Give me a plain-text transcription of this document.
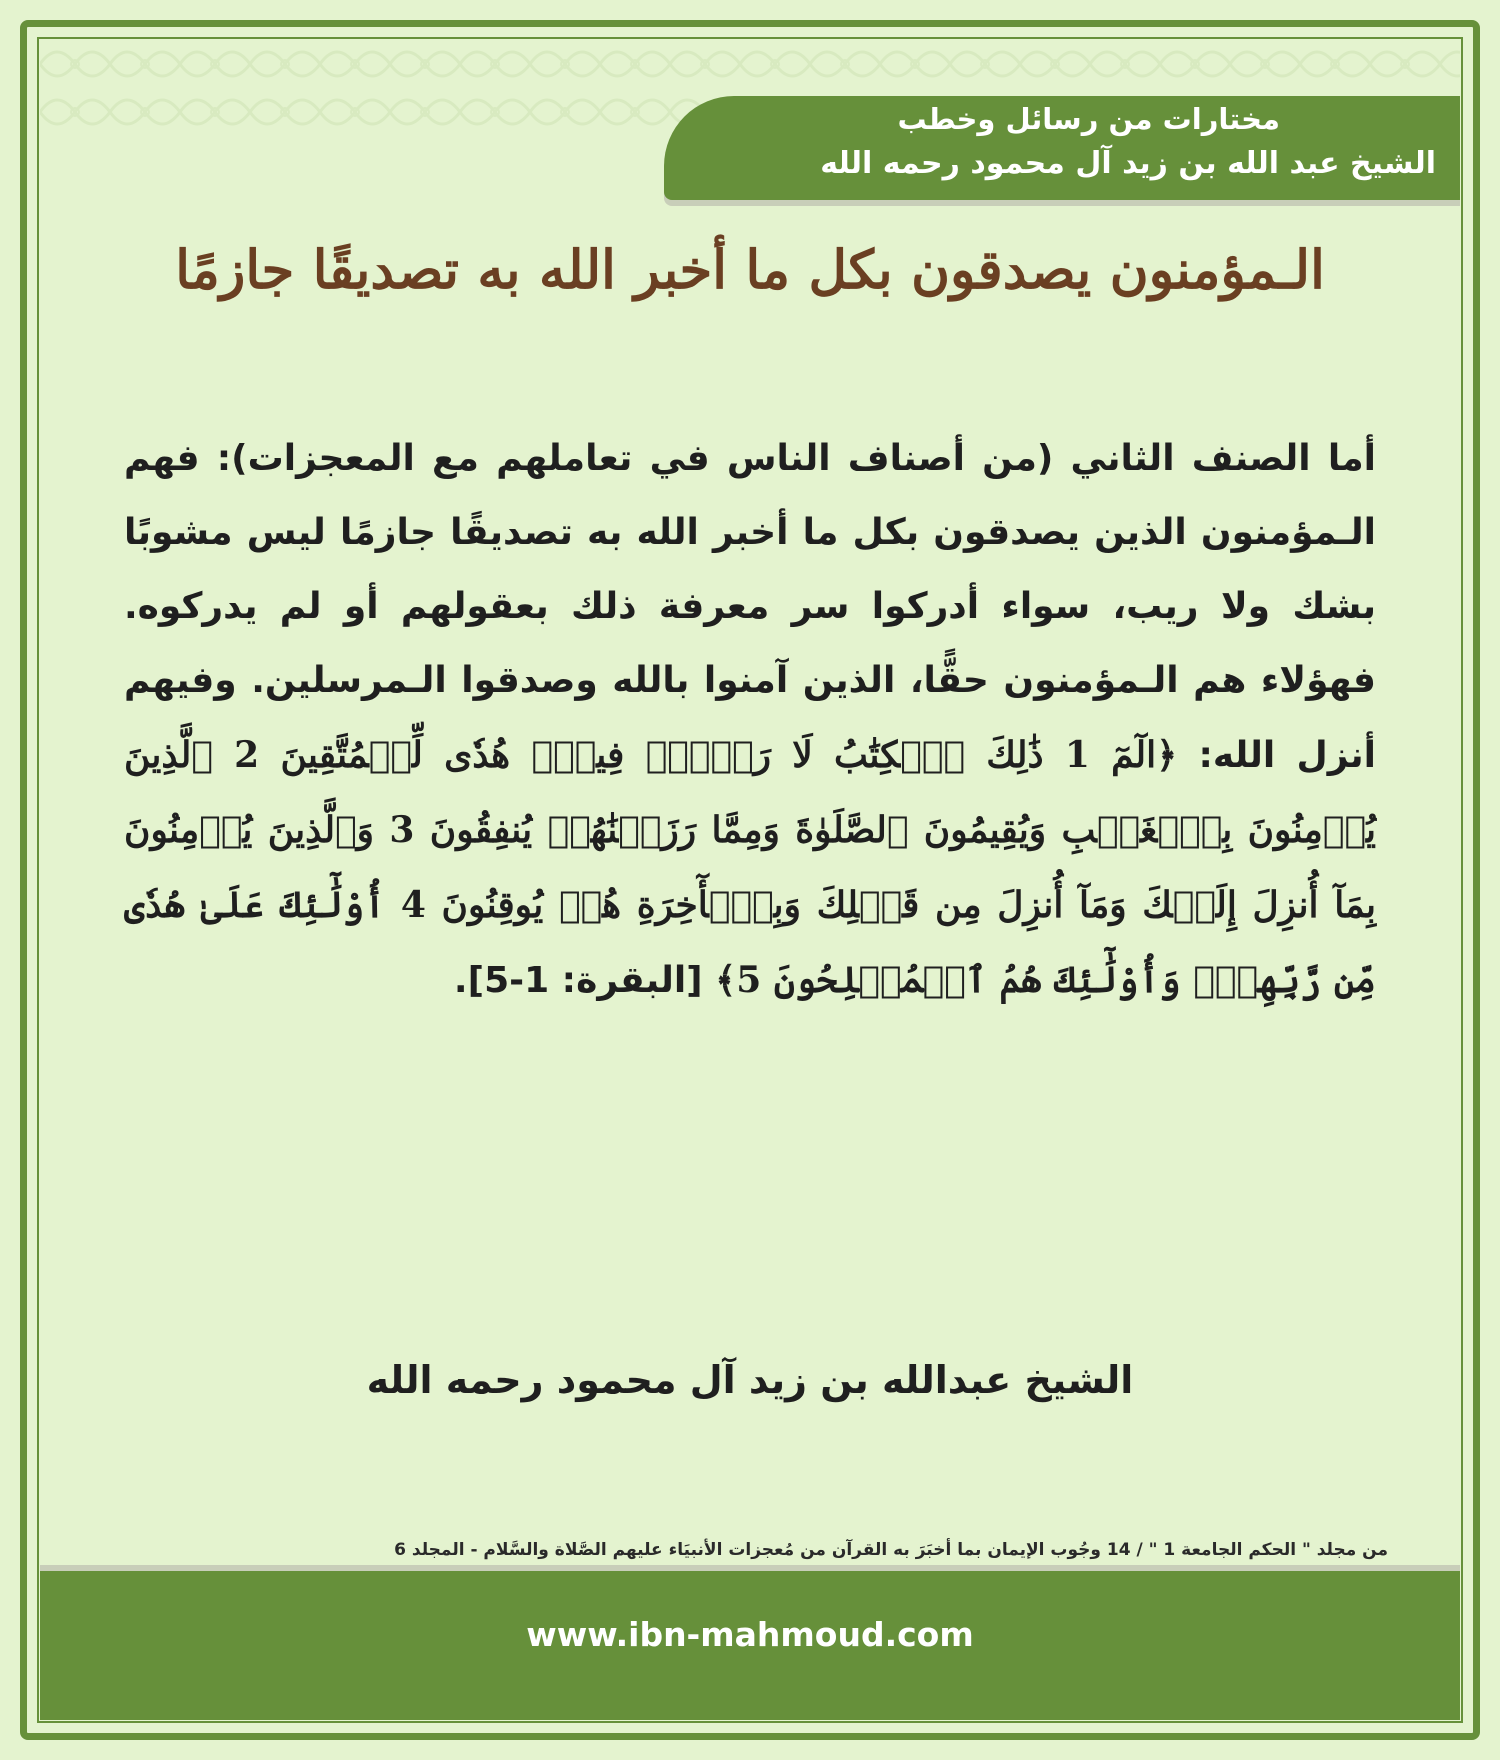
مختارات من رسائل وخطب
الشيخ عبد الله بن زيد آل محمود رحمه الله
الـمؤمنون يصدقون بكل ما أخبر الله به تصديقًا جازمًا
أما الصنف الثاني (من أصناف الناس في تعاملهم مع المعجزات): فهم الـمؤمنون الذين يصدقون بكل ما أخبر الله به تصديقًا جازمًا ليس مشوبًا بشك ولا ريب، سواء أدركوا سر معرفة ذلك بعقولهم أو لم يدركوه. فهؤلاء هم الـمؤمنون حقًّا، الذين آمنوا بالله وصدقوا الـمرسلين. وفيهم أنزل الله: ﴿الٓمٓ 1 ذَٰلِكَ ٱلۡكِتَٰبُ لَا رَيۡبَۛ فِيهِۛ هُدٗى لِّلۡمُتَّقِينَ 2 ٱلَّذِينَ يُؤۡمِنُونَ بِٱلۡغَيۡبِ وَيُقِيمُونَ ٱلصَّلَوٰةَ وَمِمَّا رَزَقۡنَٰهُمۡ يُنفِقُونَ 3 وَٱلَّذِينَ يُؤۡمِنُونَ بِمَآ أُنزِلَ إِلَيۡكَ وَمَآ أُنزِلَ مِن قَبۡلِكَ وَبِٱلۡأٓخِرَةِ هُمۡ يُوقِنُونَ 4 أُوْلَٰٓئِكَ عَلَىٰ هُدٗى مِّن رَّبِّهِمۡۖ وَأُوْلَٰٓئِكَ هُمُ ٱلۡمُفۡلِحُونَ 5﴾ [البقرة: 1-5].
الشيخ عبدالله بن زيد آل محمود رحمه الله
من مجلد " الحكم الجامعة 1 " / 14 وجُوب الإيمان بما أخبَرَ به القرآن من مُعجزات الأنبيَاء عليهم الصَّلاة والسَّلام - المجلد 6
www.ibn-mahmoud.com
